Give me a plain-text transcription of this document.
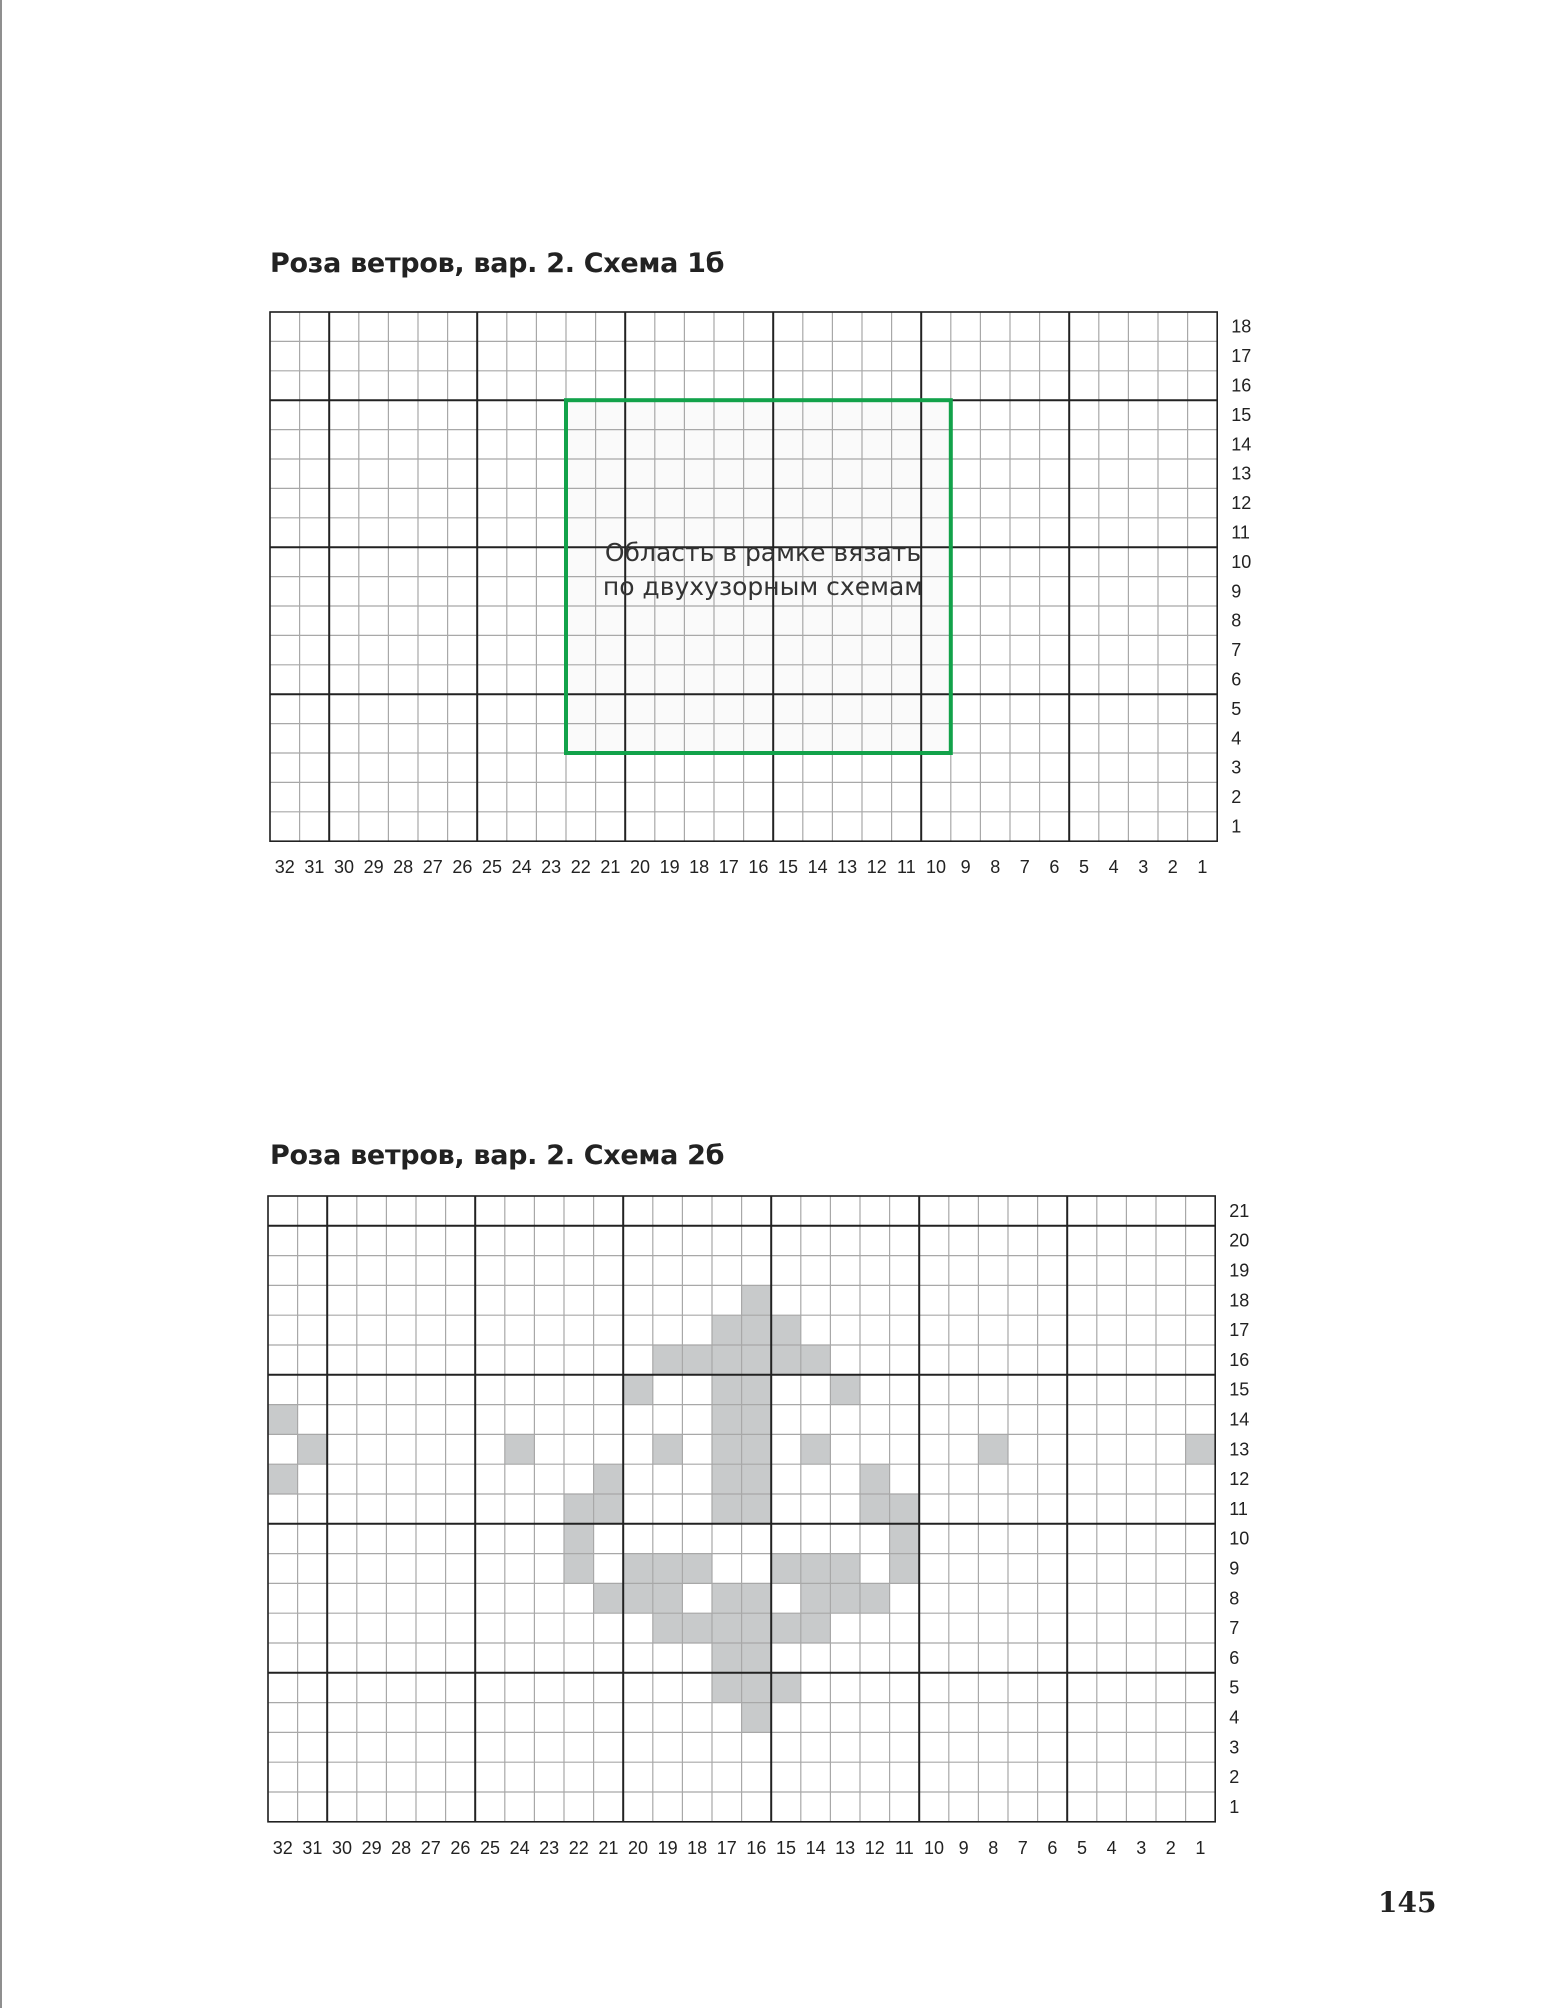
Роза ветров, вар. 2. Схема 1б
Роза ветров, вар. 2. Схема 2б
32 31 30 29 28 27 26 25 24 23 22 21 20 19 18 17 16 15 14 13 12 11 10 9 8 7 6 5 4 3 2 1
18
17
16
15
14
13
12
11
10
9
8
7
6
5
4
3
2
1
32 31 30 29 28 27 26 25 24 23 22 21 20 19 18 17 16 15 14 13 12 11 10 9 8 7 6 5 4 3 2 1
21
20
19
18
17
16
15
14
13
12
11
10
9
8
7
6
5
4
3
2
1
Область в рамке вязать
по двухузорным схемам
145
